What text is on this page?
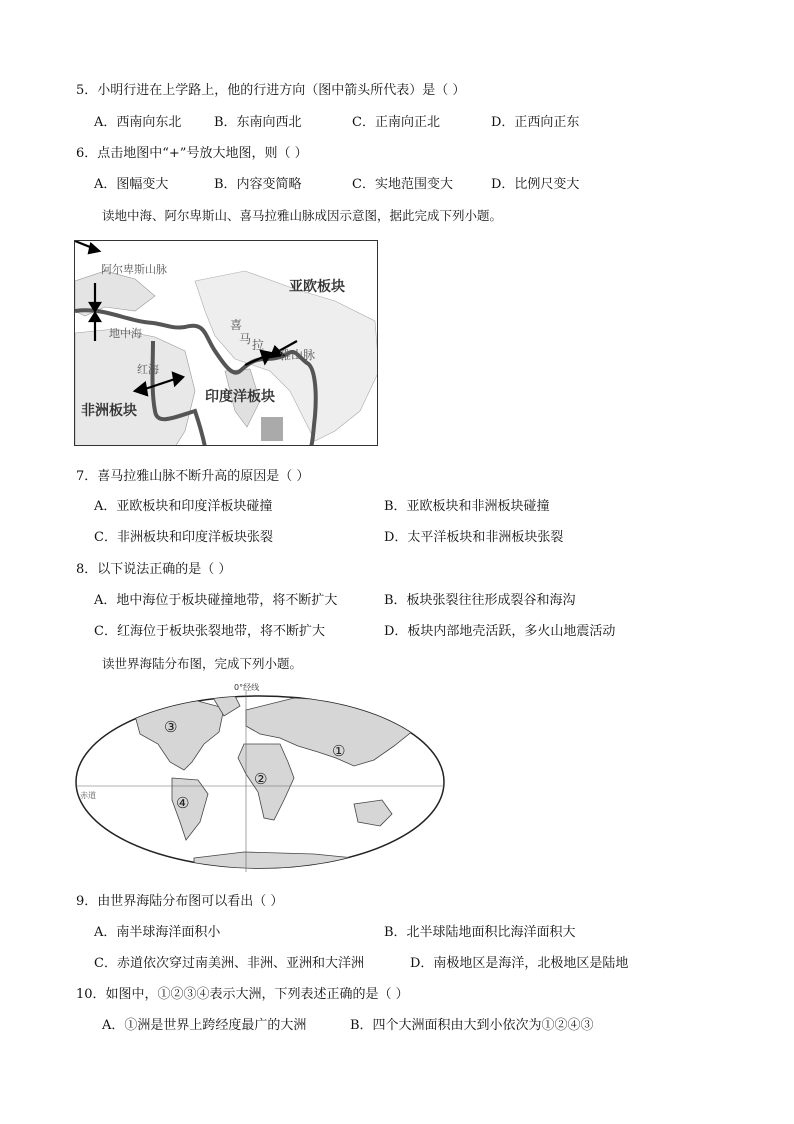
5．小明行进在上学路上，他的行进方向（图中箭头所代表）是（ ）
A．西南向东北	B．东南向西北	C．正南向正北	D．正西向正东
6．点击地图中“+”号放大地图，则（ ）
A．图幅变大	B．内容变简略	C．实地范围变大	D．比例尺变大
读地中海、阿尔卑斯山、喜马拉雅山脉成因示意图，据此完成下列小题。
阿尔卑斯山脉
亚欧板块
地中海
喜
马 拉
雅山脉
红海
印度洋板块
非洲板块
7．喜马拉雅山脉不断升高的原因是（ ）
A．亚欧板块和印度洋板块碰撞	B．亚欧板块和非洲板块碰撞
C．非洲板块和印度洋板块张裂	D．太平洋板块和非洲板块张裂
8．以下说法正确的是（ ）
A．地中海位于板块碰撞地带，将不断扩大	B．板块张裂往往形成裂谷和海沟
C．红海位于板块张裂地带，将不断扩大	D．板块内部地壳活跃，多火山地震活动
读世界海陆分布图，完成下列小题。
0°经线
赤道
①
②
③
④
9．由世界海陆分布图可以看出（ ）
A．南半球海洋面积小	B．北半球陆地面积比海洋面积大
C．赤道依次穿过南美洲、非洲、亚洲和大洋洲	D．南极地区是海洋，北极地区是陆地
10．如图中，①②③④表示大洲，下列表述正确的是（ ）
A．①洲是世界上跨经度最广的大洲	B．四个大洲面积由大到小依次为①②④③
